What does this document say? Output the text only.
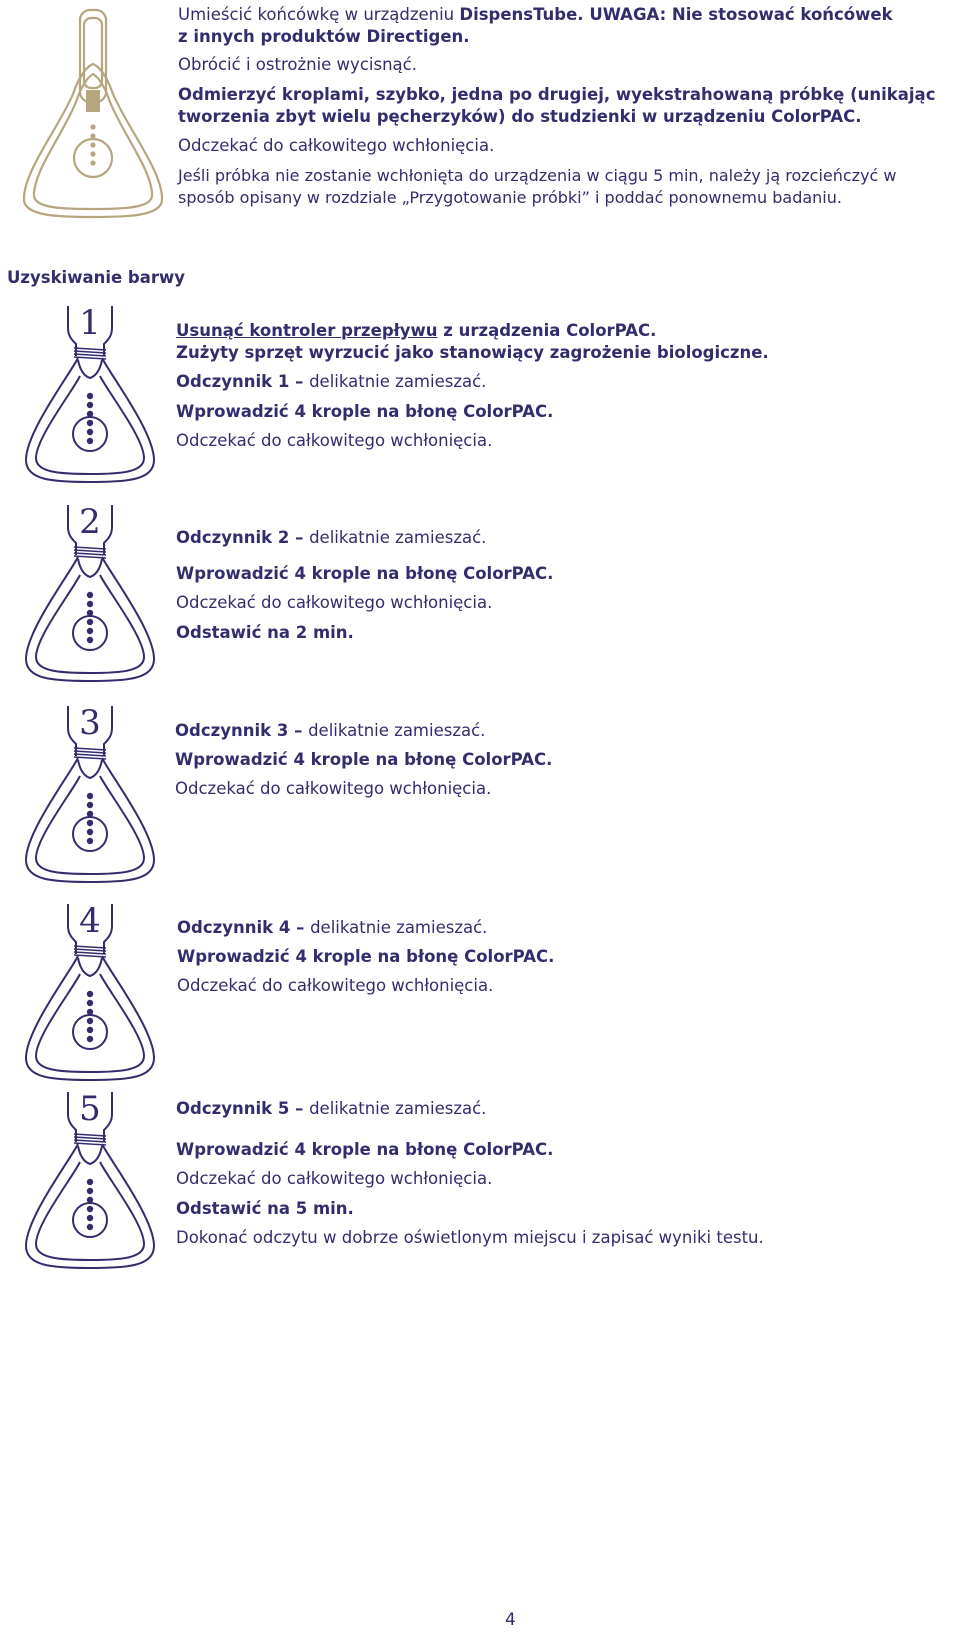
Umieścić końcówkę w urządzeniu DispensTube. UWAGA: Nie stosować końcówek
z innych produktów Directigen.
Obrócić i ostrożnie wycisnąć.
Odmierzyć kroplami, szybko, jedna po drugiej, wyekstrahowaną próbkę (unikając
tworzenia zbyt wielu pęcherzyków) do studzienki w urządzeniu ColorPAC.
Odczekać do całkowitego wchłonięcia.
Jeśli próbka nie zostanie wchłonięta do urządzenia w ciągu 5 min, należy ją rozcieńczyć w
sposób opisany w rozdziale „Przygotowanie próbki” i poddać ponownemu badaniu.
Uzyskiwanie barwy
1	Usunąć kontroler przepływu z urządzenia ColorPAC.
Zużyty sprzęt wyrzucić jako stanowiący zagrożenie biologiczne.
Odczynnik 1 – delikatnie zamieszać.
Wprowadzić 4 krople na błonę ColorPAC.
Odczekać do całkowitego wchłonięcia.
2	Odczynnik 2 – delikatnie zamieszać.
Wprowadzić 4 krople na błonę ColorPAC.
Odczekać do całkowitego wchłonięcia.
Odstawić na 2 min.
3	Odczynnik 3 – delikatnie zamieszać.
Wprowadzić 4 krople na błonę ColorPAC.
Odczekać do całkowitego wchłonięcia.
4	Odczynnik 4 – delikatnie zamieszać.
Wprowadzić 4 krople na błonę ColorPAC.
Odczekać do całkowitego wchłonięcia.
5	Odczynnik 5 – delikatnie zamieszać.
Wprowadzić 4 krople na błonę ColorPAC.
Odczekać do całkowitego wchłonięcia.
Odstawić na 5 min.
Dokonać odczytu w dobrze oświetlonym miejscu i zapisać wyniki testu.
4
